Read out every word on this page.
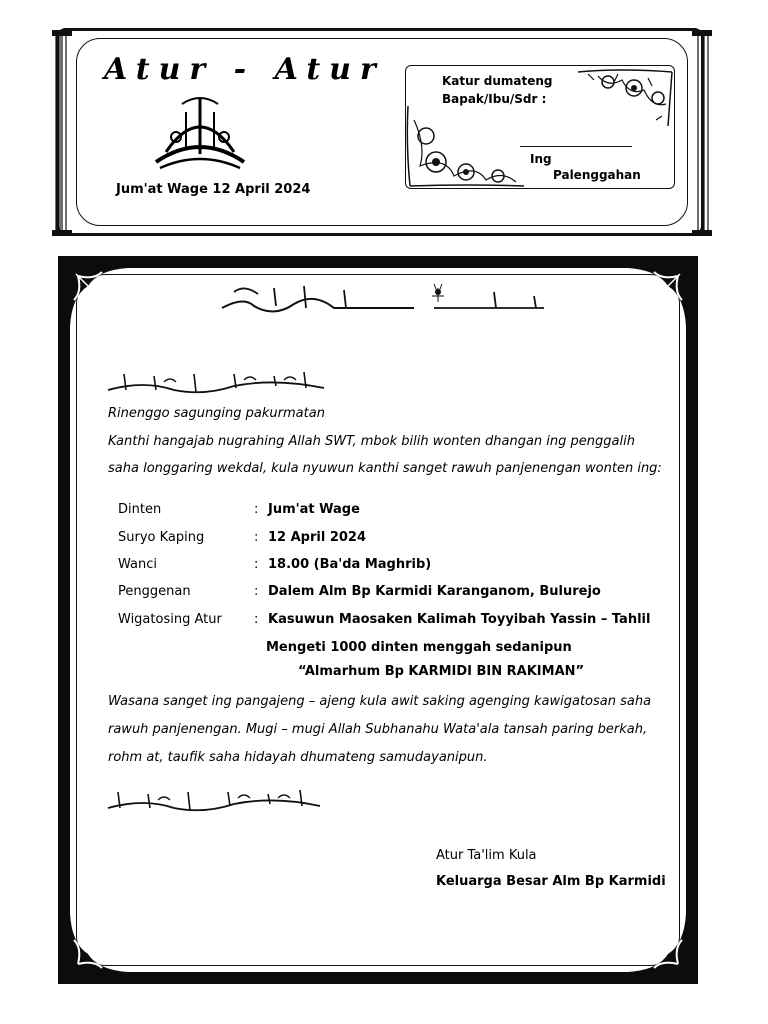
Atur - Atur
Jum'at Wage 12 April 2024
Katur dumateng
Bapak/Ibu/Sdr :
Ing
Palenggahan
Rinenggo sagunging pakurmatan
Kanthi hangajab nugrahing Allah SWT, mbok bilih wonten dhangan ing penggalih
saha longgaring wekdal, kula nyuwun kanthi sanget rawuh panjenengan wonten ing:
Dinten	: Jum'at Wage
Suryo Kaping	: 12 April 2024
Wanci	: 18.00 (Ba'da Maghrib)
Penggenan	: Dalem Alm Bp Karmidi Karanganom, Bulurejo
Wigatosing Atur : Kasuwun Maosaken Kalimah Toyyibah Yassin – Tahlil
Mengeti 1000 dinten menggah sedanipun
“Almarhum Bp KARMIDI BIN RAKIMAN”
Wasana sanget ing pangajeng – ajeng kula awit saking agenging kawigatosan saha
rawuh panjenengan. Mugi – mugi Allah Subhanahu Wata'ala tansah paring berkah,
rohm at, taufik saha hidayah dhumateng samudayanipun.
Atur Ta'lim Kula
Keluarga Besar Alm Bp Karmidi
